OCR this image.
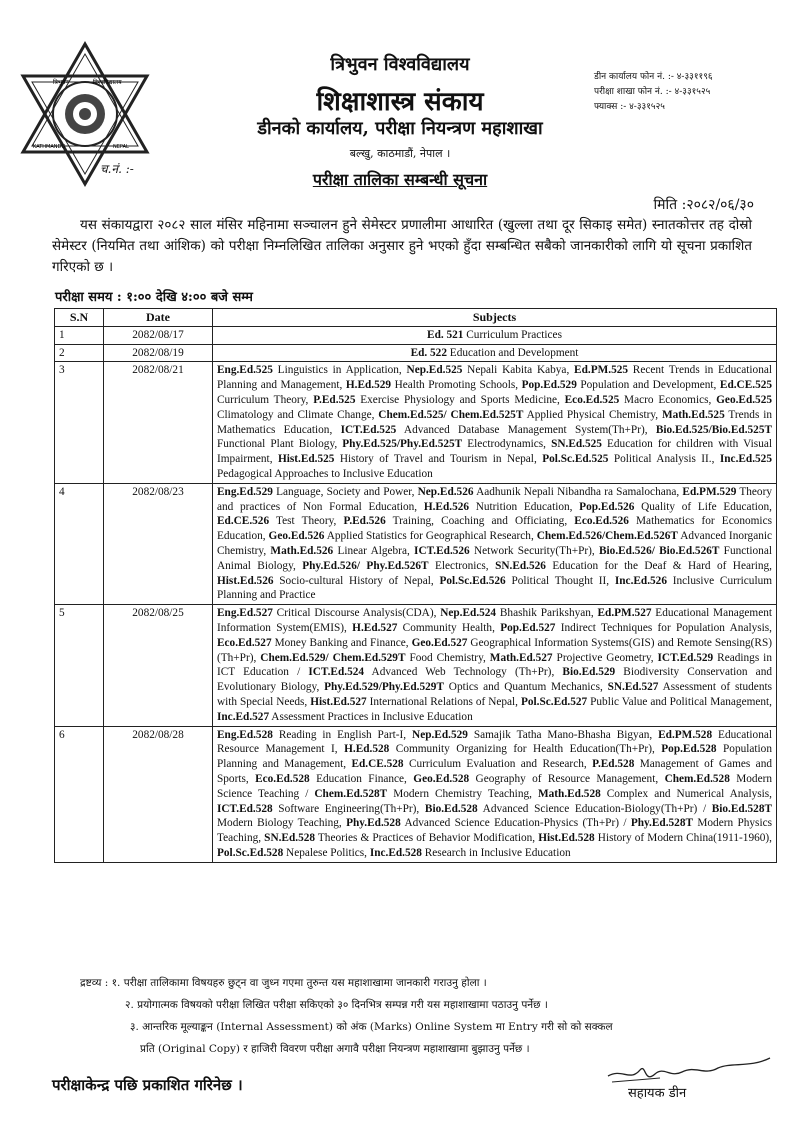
त्रिभुवन	विश्वविद्यालय
KATHMANDU	NEPAL
च.नं. :-
त्रिभुवन विश्वविद्यालय
शिक्षाशास्त्र संकाय
डीनको कार्यालय, परीक्षा नियन्त्रण महाशाखा
बल्खु, काठमाडौं, नेपाल ।
परीक्षा तालिका सम्बन्धी सूचना
डीन कार्यालय फोन नं. :- ४-३३११९६
परीक्षा शाखा फोन नं. :- ४-३३१५२५
फ्याक्स :- ४-३३१५२५
मिति :२०८२/०६/३०
यस संकायद्वारा २०८२ साल मंसिर महिनामा सञ्चालन हुने सेमेस्टर प्रणालीमा आधारित (खुल्ला तथा दूर सिकाइ समेत) स्नातकोत्तर तह दोस्रो सेमेस्टर (नियमित तथा आंशिक) को परीक्षा निम्नलिखित तालिका अनुसार हुने भएको हुँदा सम्बन्धित सबैको जानकारीको लागि यो सूचना प्रकाशित गरिएको छ ।
परीक्षा समय : १:०० देखि ४:०० बजे सम्म
S.N	Date	Subjects
1	2082/08/17	Ed. 521 Curriculum Practices
2	2082/08/19	Ed. 522 Education and Development
3	2082/08/21	Eng.Ed.525 Linguistics in Application, Nep.Ed.525 Nepali Kabita Kabya, Ed.PM.525 Recent Trends in Educational Planning and Management, H.Ed.529 Health Promoting Schools, Pop.Ed.529 Population and Development, Ed.CE.525 Curriculum Theory, P.Ed.525 Exercise Physiology and Sports Medicine, Eco.Ed.525 Macro Economics, Geo.Ed.525 Climatology and Climate Change, Chem.Ed.525/ Chem.Ed.525T Applied Physical Chemistry, Math.Ed.525 Trends in Mathematics Education, ICT.Ed.525 Advanced Database Management System(Th+Pr), Bio.Ed.525/Bio.Ed.525T Functional Plant Biology, Phy.Ed.525/Phy.Ed.525T Electrodynamics, SN.Ed.525 Education for children with Visual Impairment, Hist.Ed.525 History of Travel and Tourism in Nepal, Pol.Sc.Ed.525 Political Analysis II., Inc.Ed.525 Pedagogical Approaches to Inclusive Education
4	2082/08/23	Eng.Ed.529 Language, Society and Power, Nep.Ed.526 Aadhunik Nepali Nibandha ra Samalochana, Ed.PM.529 Theory and practices of Non Formal Education, H.Ed.526 Nutrition Education, Pop.Ed.526 Quality of Life Education, Ed.CE.526 Test Theory, P.Ed.526 Training, Coaching and Officiating, Eco.Ed.526 Mathematics for Economics Education, Geo.Ed.526 Applied Statistics for Geographical Research, Chem.Ed.526/Chem.Ed.526T Advanced Inorganic Chemistry, Math.Ed.526 Linear Algebra, ICT.Ed.526 Network Security(Th+Pr), Bio.Ed.526/ Bio.Ed.526T Functional Animal Biology, Phy.Ed.526/ Phy.Ed.526T Electronics, SN.Ed.526 Education for the Deaf & Hard of Hearing, Hist.Ed.526 Socio-cultural History of Nepal, Pol.Sc.Ed.526 Political Thought II, Inc.Ed.526 Inclusive Curriculum Planning and Practice
5	2082/08/25	Eng.Ed.527 Critical Discourse Analysis(CDA), Nep.Ed.524 Bhashik Parikshyan, Ed.PM.527 Educational Management Information System(EMIS), H.Ed.527 Community Health, Pop.Ed.527 Indirect Techniques for Population Analysis, Eco.Ed.527 Money Banking and Finance, Geo.Ed.527 Geographical Information Systems(GIS) and Remote Sensing(RS) (Th+Pr), Chem.Ed.529/ Chem.Ed.529T Food Chemistry, Math.Ed.527 Projective Geometry, ICT.Ed.529 Readings in ICT Education / ICT.Ed.524 Advanced Web Technology (Th+Pr), Bio.Ed.529 Biodiversity Conservation and Evolutionary Biology, Phy.Ed.529/Phy.Ed.529T Optics and Quantum Mechanics, SN.Ed.527 Assessment of students with Special Needs, Hist.Ed.527 International Relations of Nepal, Pol.Sc.Ed.527 Public Value and Political Management, Inc.Ed.527 Assessment Practices in Inclusive Education
6	2082/08/28	Eng.Ed.528 Reading in English Part-I, Nep.Ed.529 Samajik Tatha Mano-Bhasha Bigyan, Ed.PM.528 Educational Resource Management I, H.Ed.528 Community Organizing for Health Education(Th+Pr), Pop.Ed.528 Population Planning and Management, Ed.CE.528 Curriculum Evaluation and Research, P.Ed.528 Management of Games and Sports, Eco.Ed.528 Education Finance, Geo.Ed.528 Geography of Resource Management, Chem.Ed.528 Modern Science Teaching / Chem.Ed.528T Modern Chemistry Teaching, Math.Ed.528 Complex and Numerical Analysis, ICT.Ed.528 Software Engineering(Th+Pr), Bio.Ed.528 Advanced Science Education-Biology(Th+Pr) / Bio.Ed.528T Modern Biology Teaching, Phy.Ed.528 Advanced Science Education-Physics (Th+Pr) / Phy.Ed.528T Modern Physics Teaching, SN.Ed.528 Theories & Practices of Behavior Modification, Hist.Ed.528 History of Modern China(1911-1960), Pol.Sc.Ed.528 Nepalese Politics, Inc.Ed.528 Research in Inclusive Education
द्रष्टव्य : १. परीक्षा तालिकामा विषयहरु छुट्न वा जुध्न गएमा तुरुन्त यस महाशाखामा जानकारी गराउनु होला ।
२. प्रयोगात्मक विषयको परीक्षा लिखित परीक्षा सकिएको ३० दिनभित्र सम्पन्न गरी यस महाशाखामा पठाउनु पर्नेछ ।
३. आन्तरिक मूल्याङ्कन (Internal Assessment) को अंक (Marks) Online System मा Entry गरी सो को सक्कल
प्रति (Original Copy) र हाजिरी विवरण परीक्षा अगावै परीक्षा नियन्त्रण महाशाखामा बुझाउनु पर्नेछ ।
परीक्षाकेन्द्र पछि प्रकाशित गरिनेछ ।	सहायक डीन
